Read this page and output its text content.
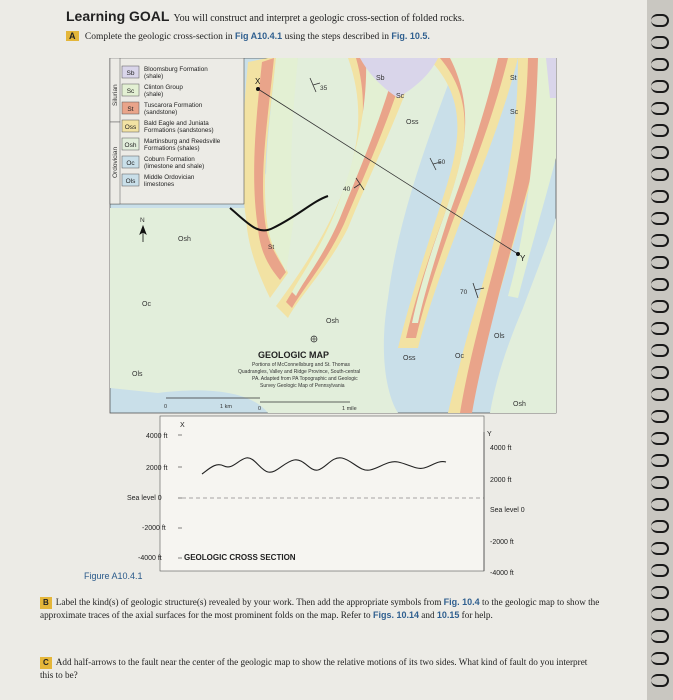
Learning GOAL You will construct and interpret a geologic cross-section of folded rocks.
A Complete the geologic cross-section in Fig A10.4.1 using the steps described in Fig. 10.5.
Silurian
Ordovician
Sb
Bloomsburg Formation
(shale)
Sc
Clinton Group
(shale)
St
Tuscarora Formation
(sandstone)
Oss
Bald Eagle and Juniata
Formations (sandstones)
Osh
Martinsburg and Reedsville
Formations (shales)
Oc
Coburn Formation
(limestone and shale)
Ols
Middle Ordovician
limestones
X
Y
N
Sb
Sc
Sc
St
Oss
St
Osh
Osh
Oss	Oc
Oc
Ols
Ols
Osh
35
40
50
70
GEOLOGIC MAP
Portions of McConnellsburg and St. Thomas
Quadrangles, Valley and Ridge Province, South-central
PA. Adapted from PA Topographic and Geologic
Survey Geologic Map of Pennsylvania
0	1 km	0	1 mile
X
Y
4000 ft
2000 ft
Sea level 0
-2000 ft
-4000 ft	GEOLOGIC CROSS SECTION
4000 ft
2000 ft
Sea level 0
-2000 ft
-4000 ft
Figure A10.4.1
B Label the kind(s) of geologic structure(s) revealed by your work. Then add the appropriate symbols from Fig. 10.4 to the geologic map to show the approximate traces of the axial surfaces for the most prominent folds on the map. Refer to Figs. 10.14 and 10.15 for help.
C Add half-arrows to the fault near the center of the geologic map to show the relative motions of its two sides. What kind of fault do you interpret this to be?
